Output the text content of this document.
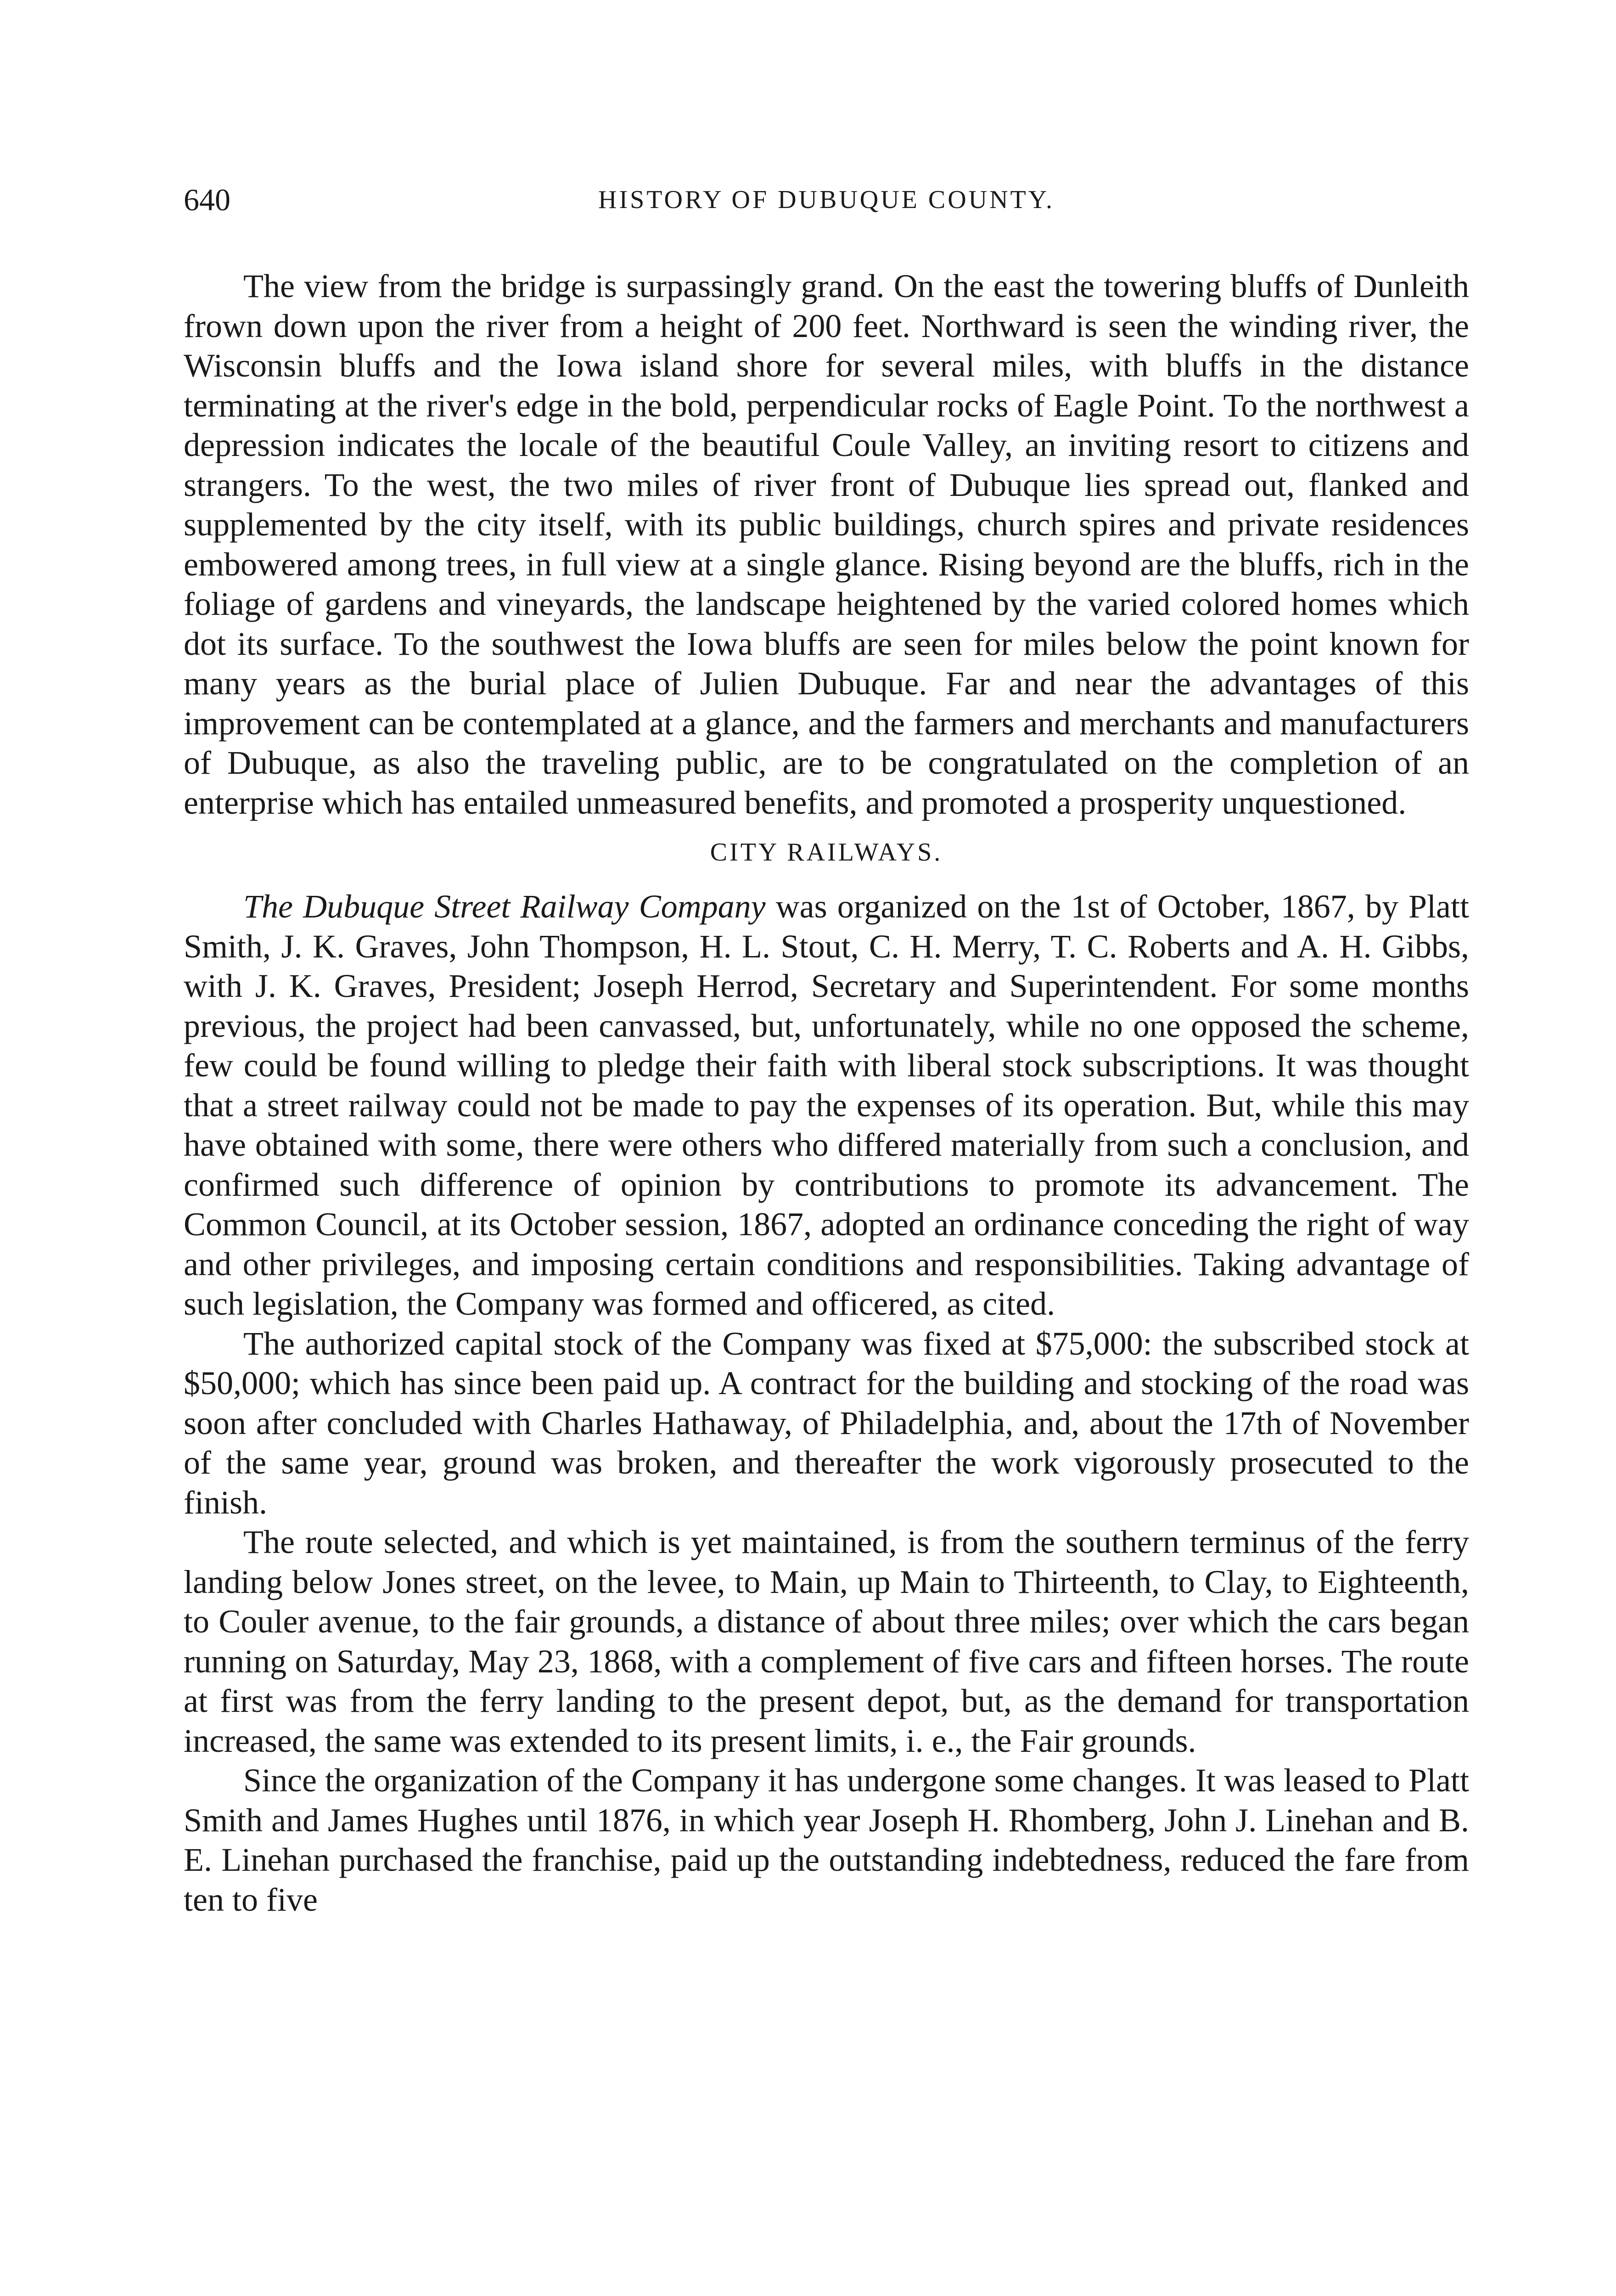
640	HISTORY OF DUBUQUE COUNTY.

The view from the bridge is surpassingly grand. On the east the towering bluffs of Dunleith frown down upon the river from a height of 200 feet. Northward is seen the winding river, the Wisconsin bluffs and the Iowa island shore for several miles, with bluffs in the distance terminating at the river's edge in the bold, perpendicular rocks of Eagle Point. To the northwest a depression indicates the locale of the beautiful Coule Valley, an inviting resort to citizens and strangers. To the west, the two miles of river front of Dubuque lies spread out, flanked and supplemented by the city itself, with its public buildings, church spires and private residences embowered among trees, in full view at a single glance. Rising beyond are the bluffs, rich in the foliage of gardens and vineyards, the landscape heightened by the varied colored homes which dot its surface. To the southwest the Iowa bluffs are seen for miles below the point known for many years as the burial place of Julien Dubuque. Far and near the advantages of this improvement can be contemplated at a glance, and the farmers and merchants and manufacturers of Dubuque, as also the traveling public, are to be congratulated on the completion of an enterprise which has entailed unmeasured benefits, and promoted a prosperity unquestioned.

CITY RAILWAYS.

The Dubuque Street Railway Company was organized on the 1st of October, 1867, by Platt Smith, J. K. Graves, John Thompson, H. L. Stout, C. H. Merry, T. C. Roberts and A. H. Gibbs, with J. K. Graves, President; Joseph Herrod, Secretary and Superintendent. For some months previous, the project had been canvassed, but, unfortunately, while no one opposed the scheme, few could be found willing to pledge their faith with liberal stock subscriptions. It was thought that a street railway could not be made to pay the expenses of its operation. But, while this may have obtained with some, there were others who differed materially from such a conclusion, and confirmed such difference of opinion by contributions to promote its advancement. The Common Council, at its October session, 1867, adopted an ordinance conceding the right of way and other privileges, and imposing certain conditions and responsibilities. Taking advantage of such legislation, the Company was formed and officered, as cited.

The authorized capital stock of the Company was fixed at $75,000: the subscribed stock at $50,000; which has since been paid up. A contract for the building and stocking of the road was soon after concluded with Charles Hathaway, of Philadelphia, and, about the 17th of November of the same year, ground was broken, and thereafter the work vigorously prosecuted to the finish.

The route selected, and which is yet maintained, is from the southern terminus of the ferry landing below Jones street, on the levee, to Main, up Main to Thirteenth, to Clay, to Eighteenth, to Couler avenue, to the fair grounds, a distance of about three miles; over which the cars began running on Saturday, May 23, 1868, with a complement of five cars and fifteen horses. The route at first was from the ferry landing to the present depot, but, as the demand for transportation increased, the same was extended to its present limits, i. e., the Fair grounds.

Since the organization of the Company it has undergone some changes. It was leased to Platt Smith and James Hughes until 1876, in which year Joseph H. Rhomberg, John J. Linehan and B. E. Linehan purchased the franchise, paid up the outstanding indebtedness, reduced the fare from ten to five
